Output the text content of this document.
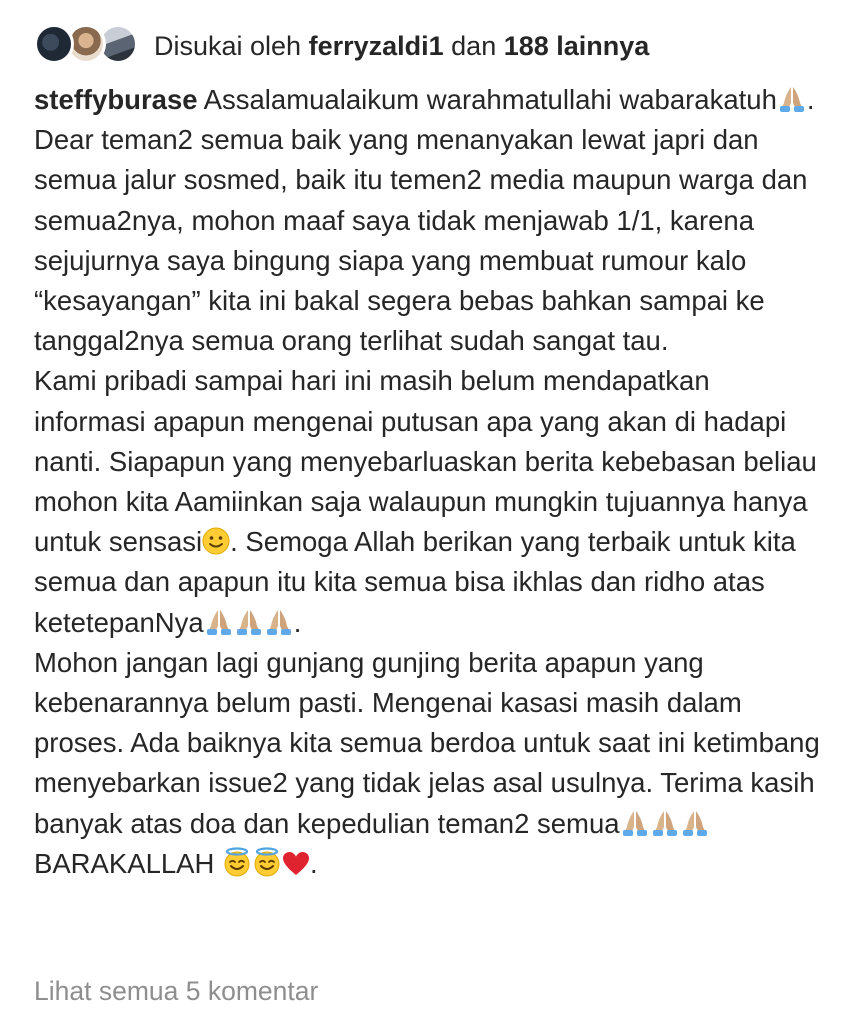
Disukai oleh ferryzaldi1 dan 188 lainnya

steffyburase Assalamualaikum warahmatullahi wabarakatuh .

Dear teman2 semua baik yang menanyakan lewat japri dan semua jalur sosmed, baik itu temen2 media maupun warga dan semua2nya, mohon maaf saya tidak menjawab 1/1, karena sejujurnya saya bingung siapa yang membuat rumour kalo “kesayangan” kita ini bakal segera bebas bahkan sampai ke tanggal2nya semua orang terlihat sudah sangat tau.

Kami pribadi sampai hari ini masih belum mendapatkan informasi apapun mengenai putusan apa yang akan di hadapi nanti. Siapapun yang menyebarluaskan berita kebebasan beliau mohon kita Aamiinkan saja walaupun mungkin tujuannya hanya untuk sensasi . Semoga Allah berikan yang terbaik untuk kita semua dan apapun itu kita semua bisa ikhlas dan ridho atas ketetepanNya	.

Mohon jangan lagi gunjang gunjing berita apapun yang kebenarannya belum pasti. Mengenai kasasi masih dalam proses. Ada baiknya kita semua berdoa untuk saat ini ketimbang menyebarkan issue2 yang tidak jelas asal usulnya. Terima kasih banyak atas doa dan kepedulian teman2 semua BARAKALLAH	.

Lihat semua 5 komentar
